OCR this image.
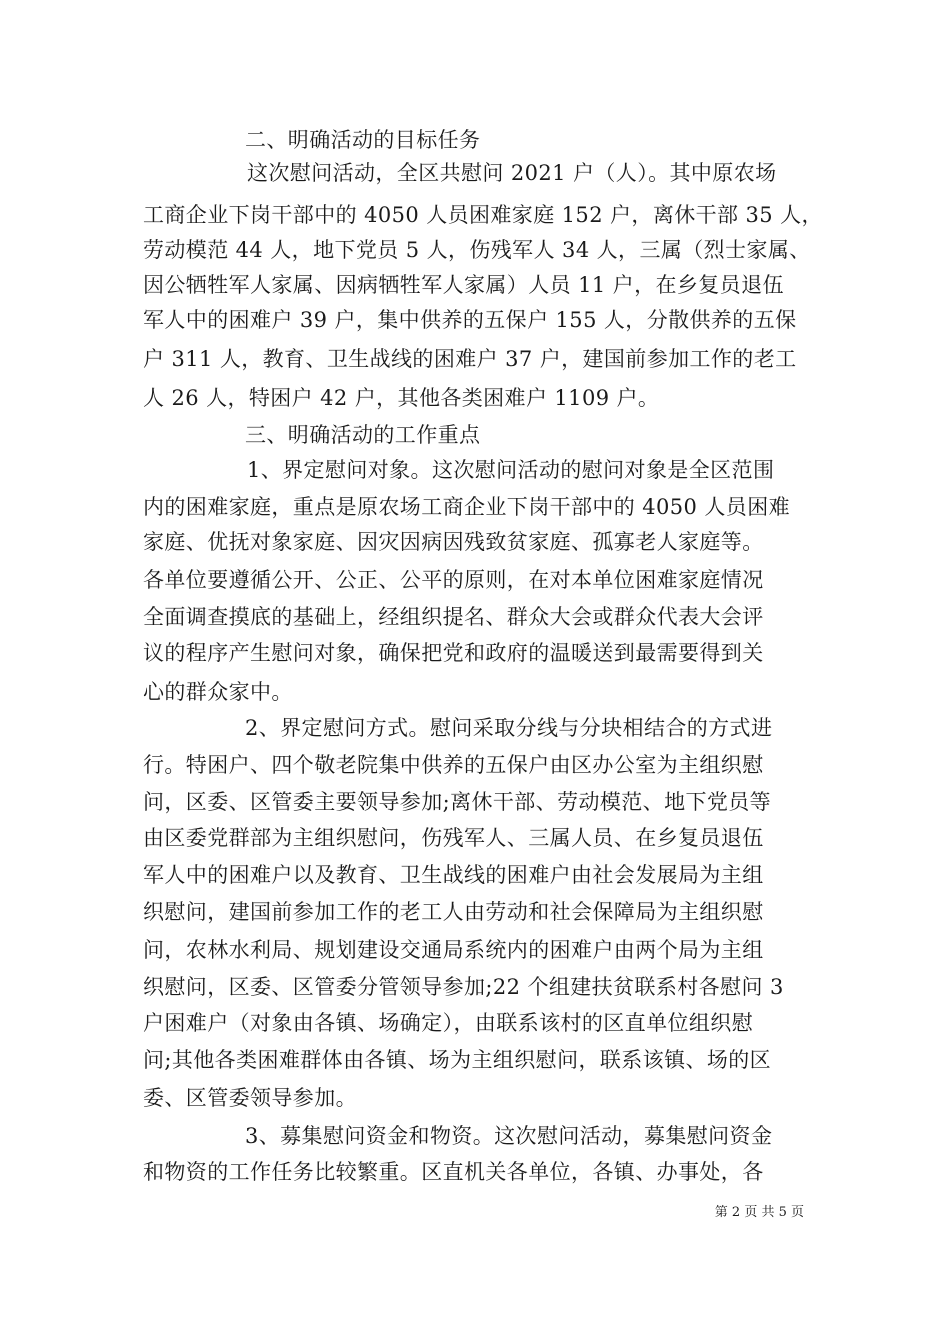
二、明确活动的目标任务
这次慰问活动，全区共慰问 2021 户（人）。其中原农场
工商企业下岗干部中的 4050 人员困难家庭 152 户，离休干部 35 人，
劳动模范 44 人，地下党员 5 人，伤残军人 34 人，三属（烈士家属、
因公牺牲军人家属、因病牺牲军人家属）人员 11 户，在乡复员退伍
军人中的困难户 39 户，集中供养的五保户 155 人，分散供养的五保
户 311 人，教育、卫生战线的困难户 37 户，建国前参加工作的老工
人 26 人，特困户 42 户，其他各类困难户 1109 户。
三、明确活动的工作重点
1、界定慰问对象。这次慰问活动的慰问对象是全区范围
内的困难家庭，重点是原农场工商企业下岗干部中的 4050 人员困难
家庭、优抚对象家庭、因灾因病因残致贫家庭、孤寡老人家庭等。
各单位要遵循公开、公正、公平的原则，在对本单位困难家庭情况
全面调查摸底的基础上，经组织提名、群众大会或群众代表大会评
议的程序产生慰问对象，确保把党和政府的温暖送到最需要得到关
心的群众家中。
2、界定慰问方式。慰问采取分线与分块相结合的方式进
行。特困户、四个敬老院集中供养的五保户由区办公室为主组织慰
问，区委、区管委主要领导参加;离休干部、劳动模范、地下党员等
由区委党群部为主组织慰问，伤残军人、三属人员、在乡复员退伍
军人中的困难户以及教育、卫生战线的困难户由社会发展局为主组
织慰问，建国前参加工作的老工人由劳动和社会保障局为主组织慰
问，农林水利局、规划建设交通局系统内的困难户由两个局为主组
织慰问，区委、区管委分管领导参加;22 个组建扶贫联系村各慰问 3
户困难户（对象由各镇、场确定），由联系该村的区直单位组织慰
问;其他各类困难群体由各镇、场为主组织慰问，联系该镇、场的区
委、区管委领导参加。
3、募集慰问资金和物资。这次慰问活动，募集慰问资金
和物资的工作任务比较繁重。区直机关各单位，各镇、办事处，各
第 2 页 共 5 页
